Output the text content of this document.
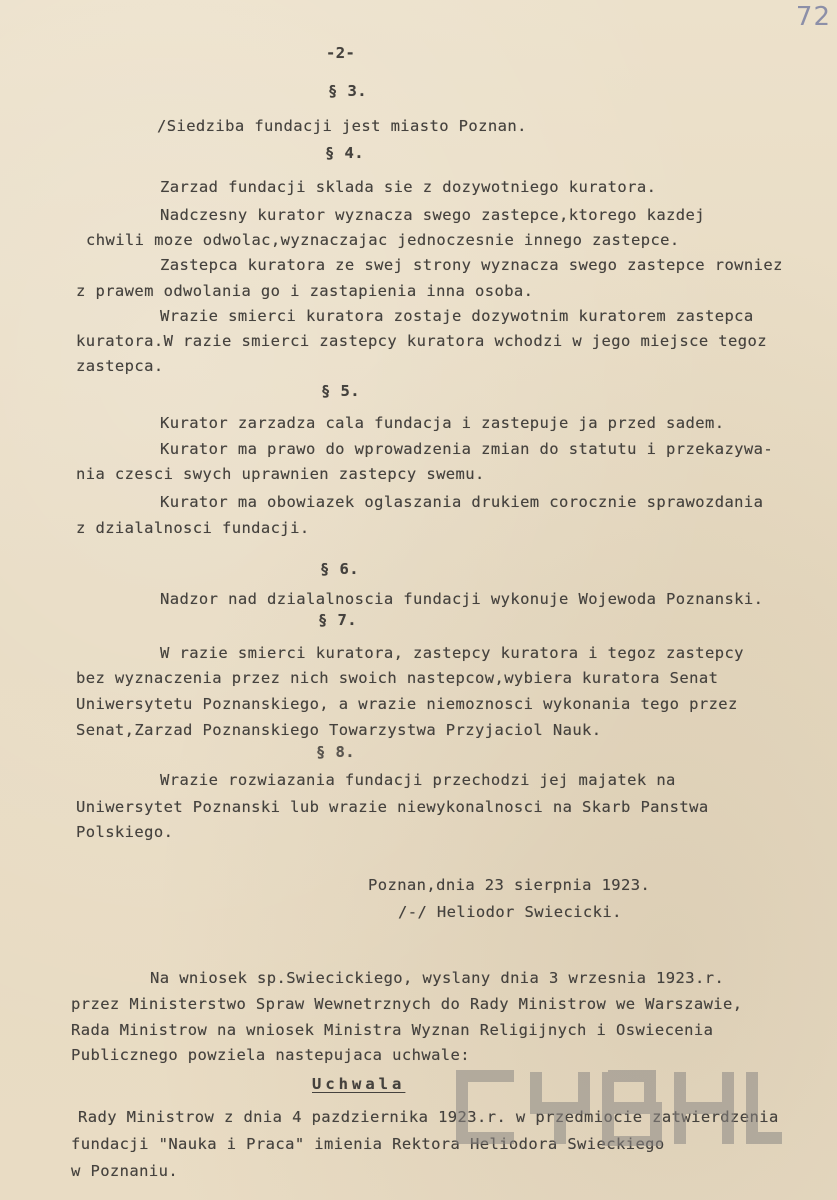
72
-2-
§ 3.
/Siedziba fundacji jest miasto Poznan.
§ 4.
Zarzad fundacji sklada sie z dozywotniego kuratora.
Nadczesny kurator wyznacza swego zastepce,ktorego kazdej
chwili moze odwolac,wyznaczajac jednoczesnie innego zastepce.
Zastepca kuratora ze swej strony wyznacza swego zastepce rowniez
z prawem odwolania go i zastapienia inna osoba.
Wrazie smierci kuratora zostaje dozywotnim kuratorem zastepca
kuratora.W razie smierci zastepcy kuratora wchodzi w jego miejsce tegoz
zastepca.
§ 5.
Kurator zarzadza cala fundacja i zastepuje ja przed sadem.
Kurator ma prawo do wprowadzenia zmian do statutu i przekazywa-
nia czesci swych uprawnien zastepcy swemu.
Kurator ma obowiazek oglaszania drukiem corocznie sprawozdania
z dzialalnosci fundacji.
§ 6.
Nadzor nad dzialalnoscia fundacji wykonuje Wojewoda Poznanski.
§ 7.
W razie smierci kuratora, zastepcy kuratora i tegoz zastepcy
bez wyznaczenia przez nich swoich nastepcow,wybiera kuratora Senat
Uniwersytetu Poznanskiego, a wrazie niemoznosci wykonania tego przez
Senat,Zarzad Poznanskiego Towarzystwa Przyjaciol Nauk.
§ 8.
Wrazie rozwiazania fundacji przechodzi jej majatek na
Uniwersytet Poznanski lub wrazie niewykonalnosci na Skarb Panstwa
Polskiego.
Poznan,dnia 23 sierpnia 1923.
/-/ Heliodor Swiecicki.
Na wniosek sp.Swiecickiego, wyslany dnia 3 wrzesnia 1923.r.
przez Ministerstwo Spraw Wewnetrznych do Rady Ministrow we Warszawie,
Rada Ministrow na wniosek Ministra Wyznan Religijnych i Oswiecenia
Publicznego powziela nastepujaca uchwale:
Uchwala
Rady Ministrow z dnia 4 pazdziernika 1923.r. w przedmiocie zatwierdzenia
fundacji "Nauka i Praca" imienia Rektora Heliodora Swieckiego
w Poznaniu.
